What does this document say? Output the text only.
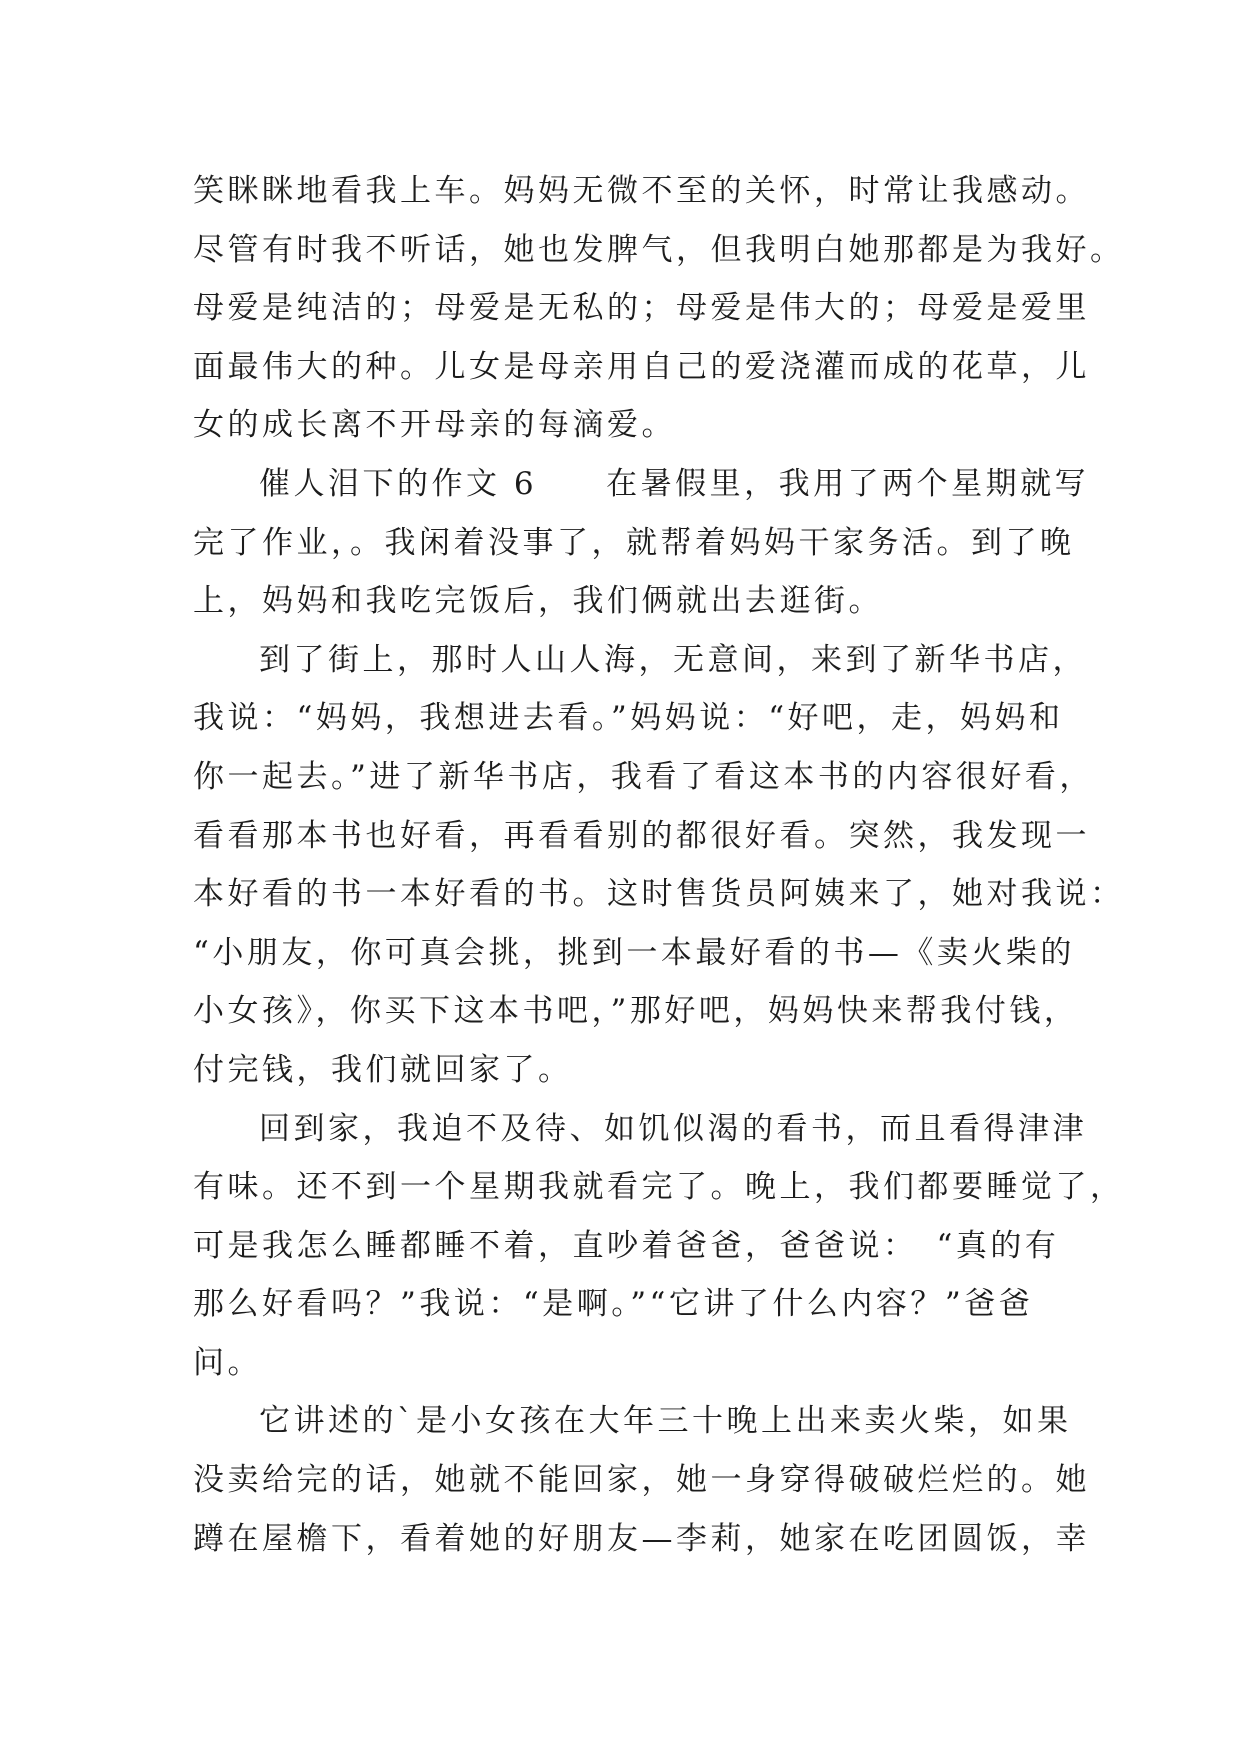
笑眯眯地看我上车。妈妈无微不至的关怀，时常让我感动。
尽管有时我不听话，她也发脾气，但我明白她那都是为我好。
母爱是纯洁的；母爱是无私的；母爱是伟大的；母爱是爱里
面最伟大的种。儿女是母亲用自己的爱浇灌而成的花草，儿
女的成长离不开母亲的每滴爱。
催人泪下的作文 6　　在暑假里，我用了两个星期就写
完了作业，。我闲着没事了，就帮着妈妈干家务活。到了晚
上，妈妈和我吃完饭后，我们俩就出去逛街。
到了街上，那时人山人海，无意间，来到了新华书店，
我说：“妈妈，我想进去看。”妈妈说：“好吧，走，妈妈和
你一起去。”进了新华书店，我看了看这本书的内容很好看，
看看那本书也好看，再看看别的都很好看。突然，我发现一
本好看的书一本好看的书。这时售货员阿姨来了，她对我说：
“小朋友，你可真会挑，挑到一本最好看的书—《卖火柴的
小女孩》，你买下这本书吧，”那好吧，妈妈快来帮我付钱，
付完钱，我们就回家了。
回到家，我迫不及待、如饥似渴的看书，而且看得津津
有味。还不到一个星期我就看完了。晚上，我们都要睡觉了，
可是我怎么睡都睡不着，直吵着爸爸，爸爸说：　“真的有
那么好看吗？”我说：“是啊。”“它讲了什么内容？”爸爸
问。
它讲述的`是小女孩在大年三十晚上出来卖火柴，如果
没卖给完的话，她就不能回家，她一身穿得破破烂烂的。她
蹲在屋檐下，看着她的好朋友—李莉，她家在吃团圆饭，幸
